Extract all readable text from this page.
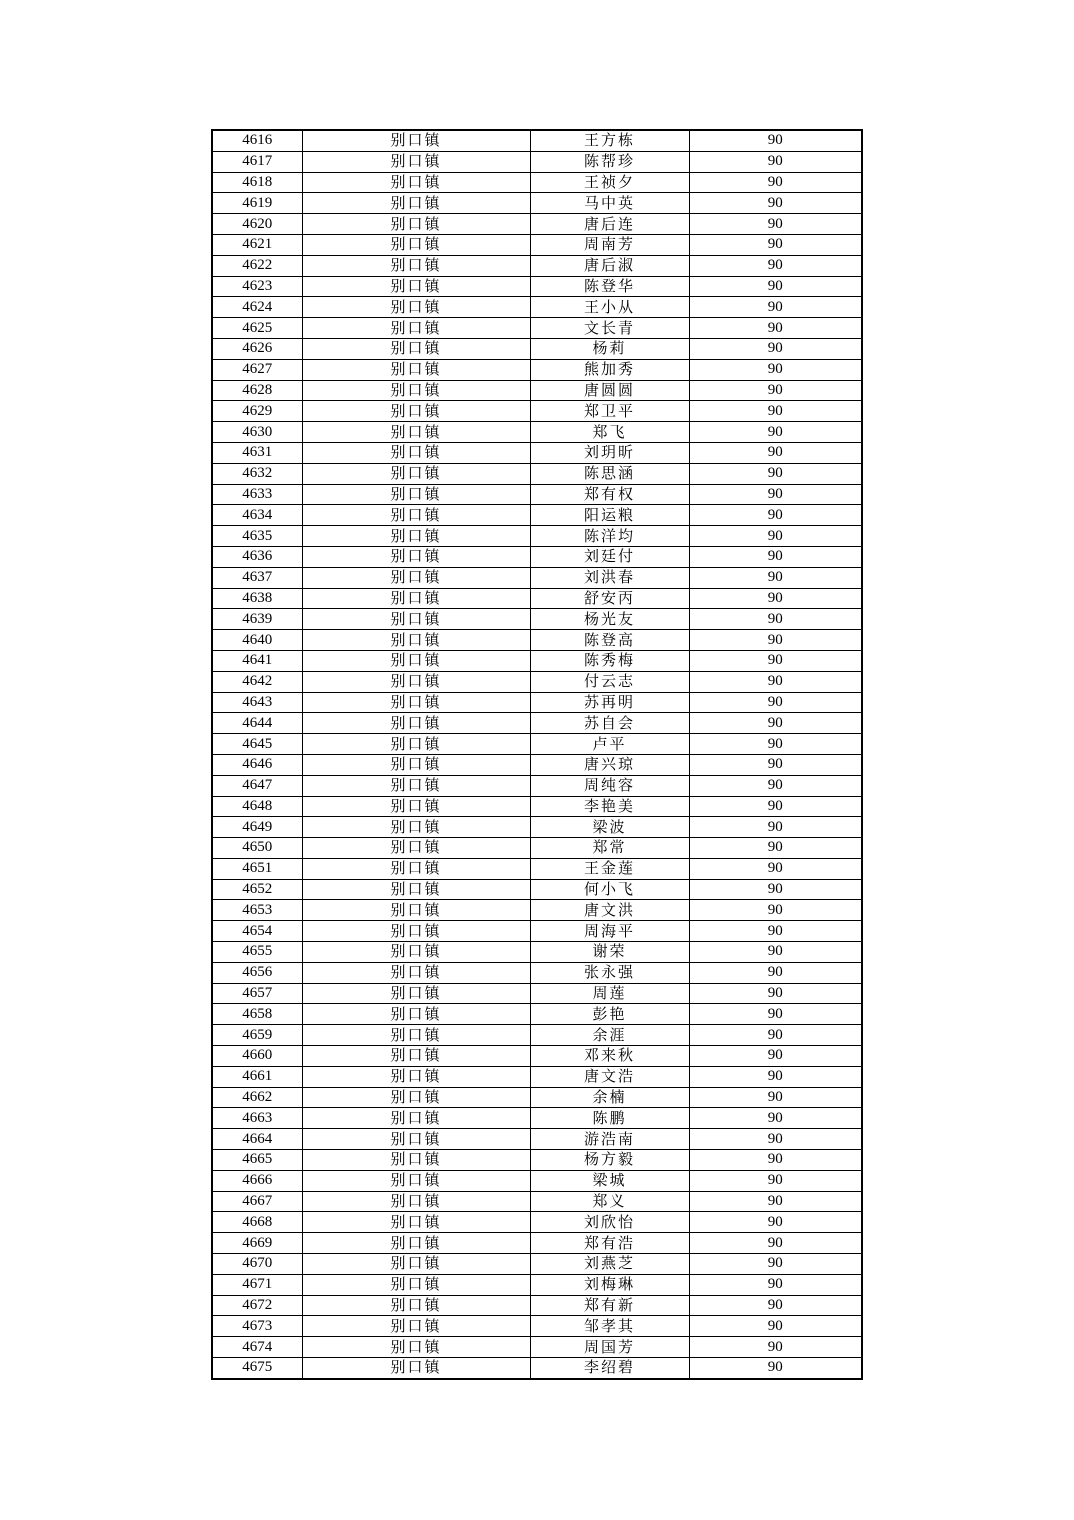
4616	别口镇	王方栋	90
4617	别口镇	陈帮珍	90
4618	别口镇	王祯夕	90
4619	别口镇	马中英	90
4620	别口镇	唐后连	90
4621	别口镇	周南芳	90
4622	别口镇	唐后淑	90
4623	别口镇	陈登华	90
4624	别口镇	王小从	90
4625	别口镇	文长青	90
4626	别口镇	杨莉	90
4627	别口镇	熊加秀	90
4628	别口镇	唐圆圆	90
4629	别口镇	郑卫平	90
4630	别口镇	郑飞	90
4631	别口镇	刘玥昕	90
4632	别口镇	陈思涵	90
4633	别口镇	郑有权	90
4634	别口镇	阳运粮	90
4635	别口镇	陈洋均	90
4636	别口镇	刘廷付	90
4637	别口镇	刘洪春	90
4638	别口镇	舒安丙	90
4639	别口镇	杨光友	90
4640	别口镇	陈登高	90
4641	别口镇	陈秀梅	90
4642	别口镇	付云志	90
4643	别口镇	苏再明	90
4644	别口镇	苏自会	90
4645	别口镇	卢平	90
4646	别口镇	唐兴琼	90
4647	别口镇	周纯容	90
4648	别口镇	李艳美	90
4649	别口镇	梁波	90
4650	别口镇	郑常	90
4651	别口镇	王金莲	90
4652	别口镇	何小飞	90
4653	别口镇	唐文洪	90
4654	别口镇	周海平	90
4655	别口镇	谢荣	90
4656	别口镇	张永强	90
4657	别口镇	周莲	90
4658	别口镇	彭艳	90
4659	别口镇	余涯	90
4660	别口镇	邓来秋	90
4661	别口镇	唐文浩	90
4662	别口镇	余楠	90
4663	别口镇	陈鹏	90
4664	别口镇	游浩南	90
4665	别口镇	杨方毅	90
4666	别口镇	梁城	90
4667	别口镇	郑义	90
4668	别口镇	刘欣怡	90
4669	别口镇	郑有浩	90
4670	别口镇	刘燕芝	90
4671	别口镇	刘梅琳	90
4672	别口镇	郑有新	90
4673	别口镇	邹孝其	90
4674	别口镇	周国芳	90
4675	别口镇	李绍碧	90
